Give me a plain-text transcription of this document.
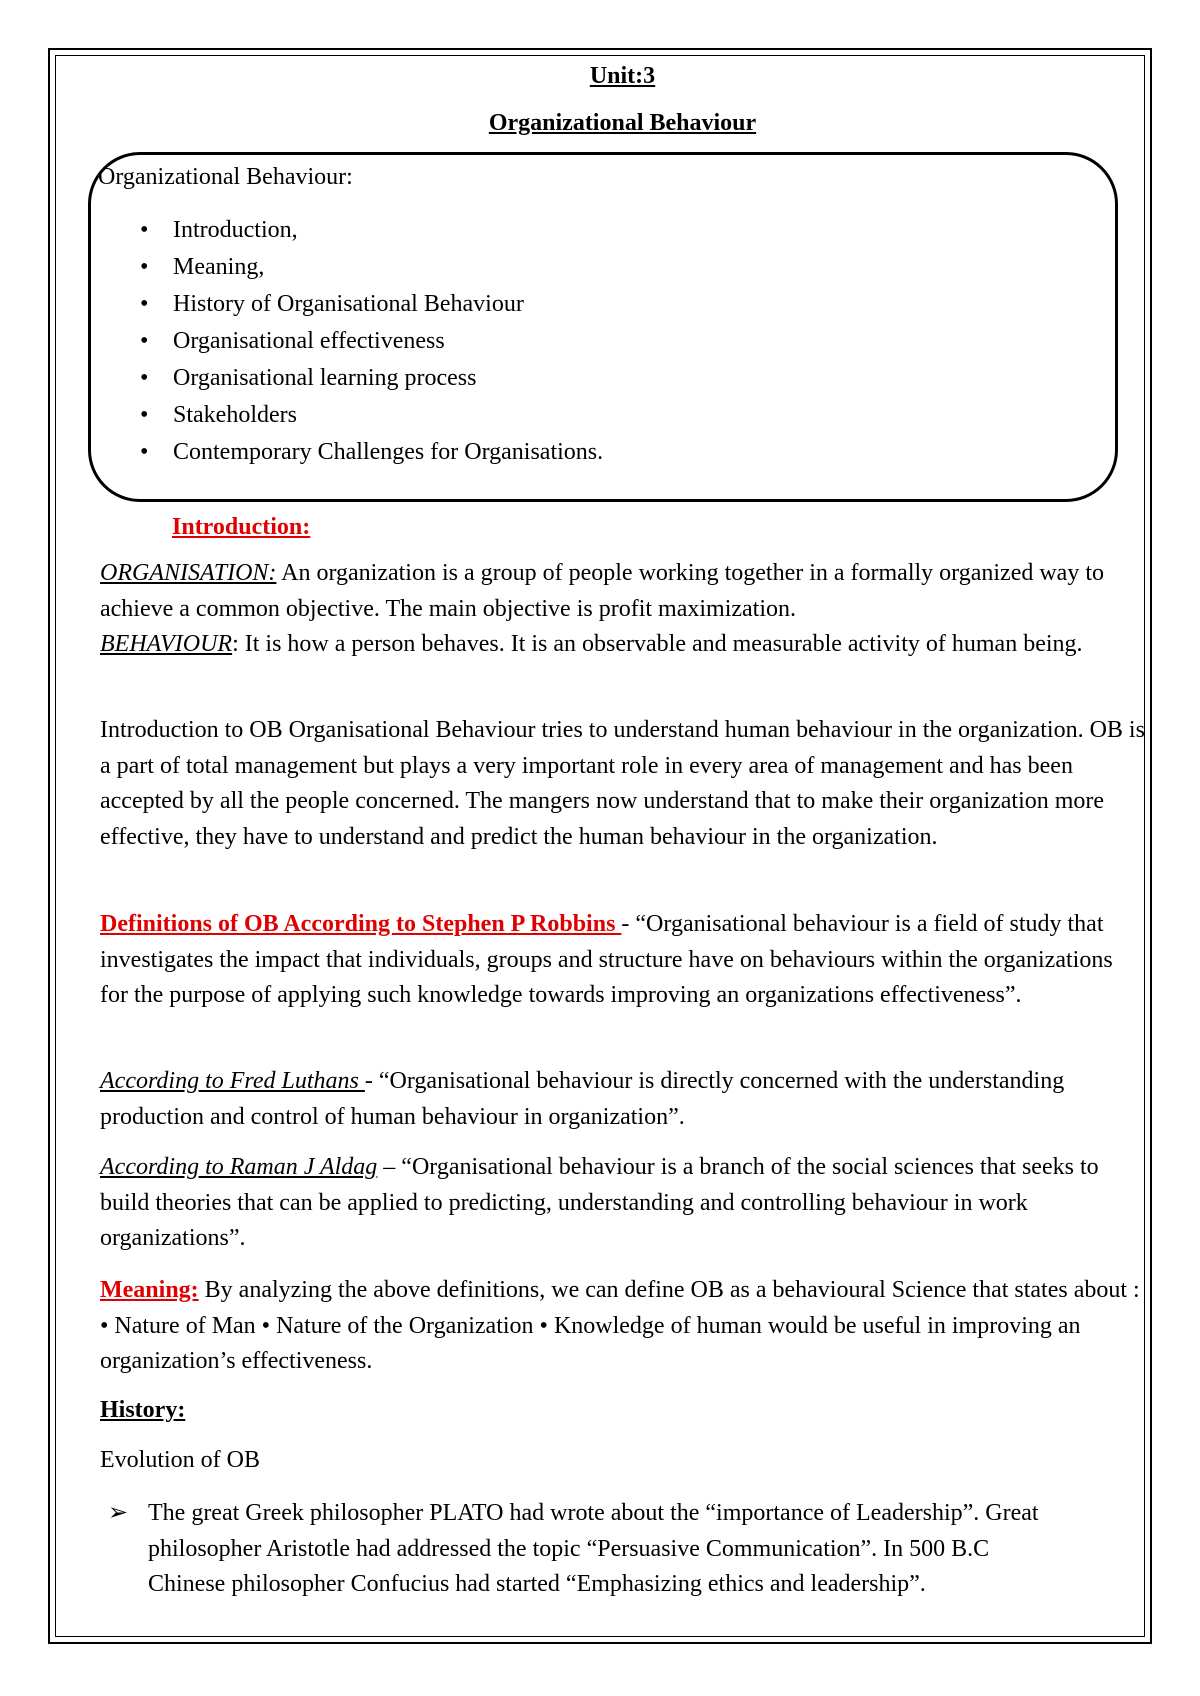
Unit:3
Organizational Behaviour
Organizational Behaviour:
• Introduction,
• Meaning,
• History of Organisational Behaviour
• Organisational effectiveness
• Organisational learning process
• Stakeholders
• Contemporary Challenges for Organisations.
Introduction:

ORGANISATION: An organization is a group of people working together in a formally organized way to achieve a common objective. The main objective is profit maximization.

BEHAVIOUR: It is how a person behaves. It is an observable and measurable activity of human being.

Introduction to OB Organisational Behaviour tries to understand human behaviour in the organization. OB is a part of total management but plays a very important role in every area of management and has been accepted by all the people concerned. The mangers now understand that to make their organization more effective, they have to understand and predict the human behaviour in the organization.

Definitions of OB According to Stephen P Robbins - “Organisational behaviour is a field of study that investigates the impact that individuals, groups and structure have on behaviours within the organizations for the purpose of applying such knowledge towards improving an organizations effectiveness”.

According to Fred Luthans - “Organisational behaviour is directly concerned with the understanding production and control of human behaviour in organization”.

According to Raman J Aldag – “Organisational behaviour is a branch of the social sciences that seeks to build theories that can be applied to predicting, understanding and controlling behaviour in work organizations”.

Meaning: By analyzing the above definitions, we can define OB as a behavioural Science that states about : • Nature of Man • Nature of the Organization • Knowledge of human would be useful in improving an organization’s effectiveness.

History:

Evolution of OB

➢ The great Greek philosopher PLATO had wrote about the “importance of Leadership”. Great philosopher Aristotle had addressed the topic “Persuasive Communication”. In 500 B.C Chinese philosopher Confucius had started “Emphasizing ethics and leadership”.
